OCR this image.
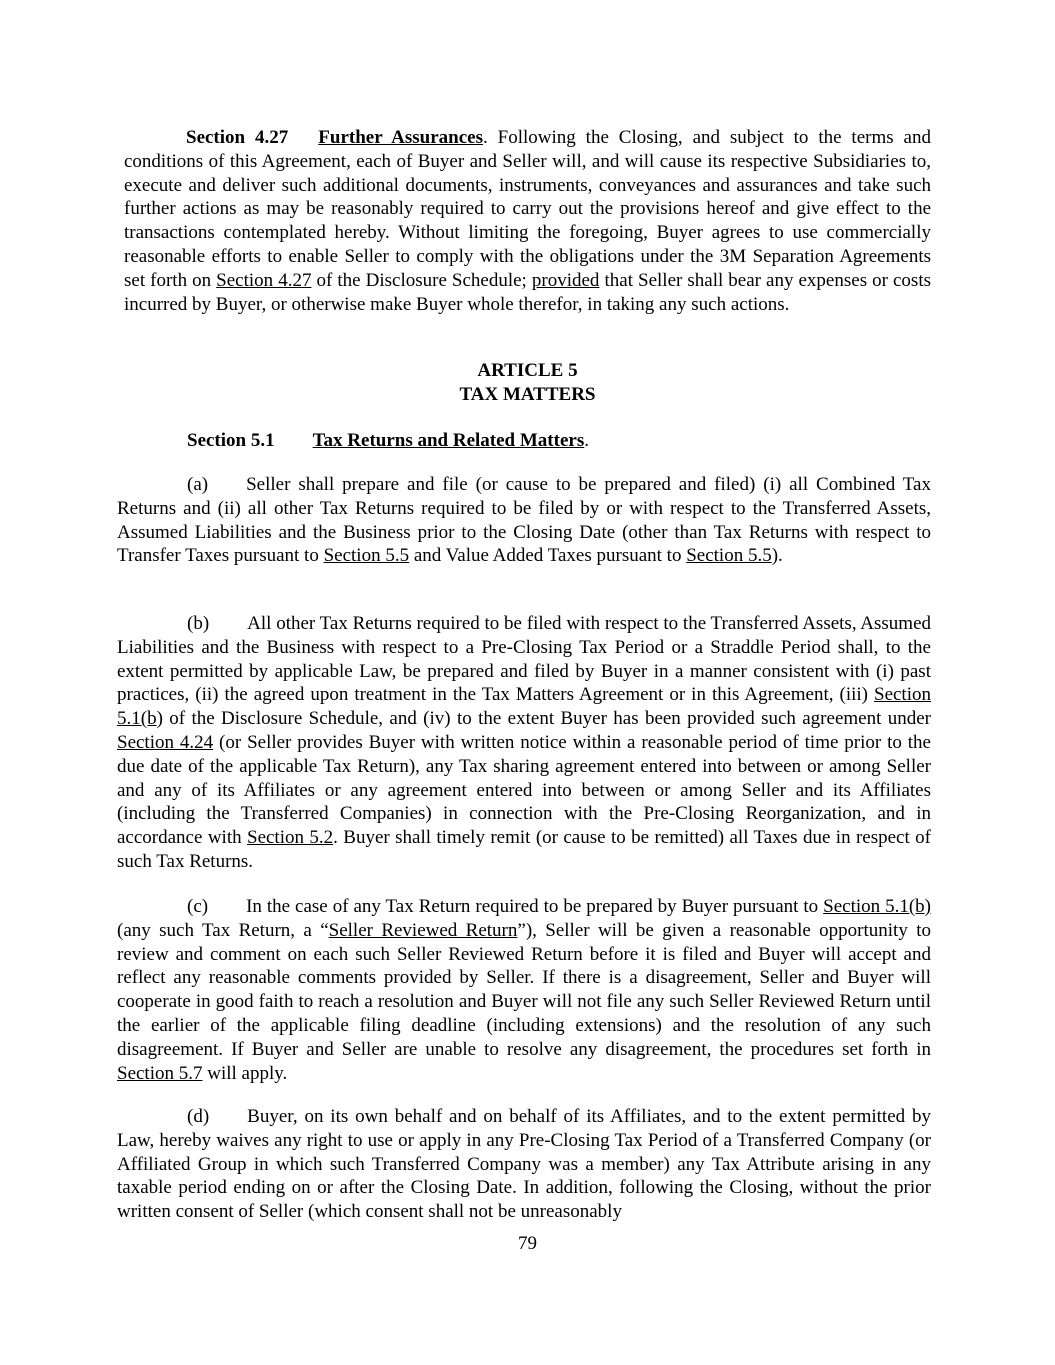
Section 4.27 Further Assurances. Following the Closing, and subject to the terms and conditions of this Agreement, each of Buyer and Seller will, and will cause its respective Subsidiaries to, execute and deliver such additional documents, instruments, conveyances and assurances and take such further actions as may be reasonably required to carry out the provisions hereof and give effect to the transactions contemplated hereby. Without limiting the foregoing, Buyer agrees to use commercially reasonable efforts to enable Seller to comply with the obligations under the 3M Separation Agreements set forth on Section 4.27 of the Disclosure Schedule; provided that Seller shall bear any expenses or costs incurred by Buyer, or otherwise make Buyer whole therefor, in taking any such actions.

ARTICLE 5

TAX MATTERS

Section 5.1 Tax Returns and Related Matters.

(a) Seller shall prepare and file (or cause to be prepared and filed) (i) all Combined Tax Returns and (ii) all other Tax Returns required to be filed by or with respect to the Transferred Assets, Assumed Liabilities and the Business prior to the Closing Date (other than Tax Returns with respect to Transfer Taxes pursuant to Section 5.5 and Value Added Taxes pursuant to Section 5.5).

(b) All other Tax Returns required to be filed with respect to the Transferred Assets, Assumed Liabilities and the Business with respect to a Pre-Closing Tax Period or a Straddle Period shall, to the extent permitted by applicable Law, be prepared and filed by Buyer in a manner consistent with (i) past practices, (ii) the agreed upon treatment in the Tax Matters Agreement or in this Agreement, (iii) Section 5.1(b) of the Disclosure Schedule, and (iv) to the extent Buyer has been provided such agreement under Section 4.24 (or Seller provides Buyer with written notice within a reasonable period of time prior to the due date of the applicable Tax Return), any Tax sharing agreement entered into between or among Seller and any of its Affiliates or any agreement entered into between or among Seller and its Affiliates (including the Transferred Companies) in connection with the Pre-Closing Reorganization, and in accordance with Section 5.2. Buyer shall timely remit (or cause to be remitted) all Taxes due in respect of such Tax Returns.

(c) In the case of any Tax Return required to be prepared by Buyer pursuant to Section 5.1(b) (any such Tax Return, a “Seller Reviewed Return”), Seller will be given a reasonable opportunity to review and comment on each such Seller Reviewed Return before it is filed and Buyer will accept and reflect any reasonable comments provided by Seller. If there is a disagreement, Seller and Buyer will cooperate in good faith to reach a resolution and Buyer will not file any such Seller Reviewed Return until the earlier of the applicable filing deadline (including extensions) and the resolution of any such disagreement. If Buyer and Seller are unable to resolve any disagreement, the procedures set forth in Section 5.7 will apply.

(d) Buyer, on its own behalf and on behalf of its Affiliates, and to the extent permitted by Law, hereby waives any right to use or apply in any Pre-Closing Tax Period of a Transferred Company (or Affiliated Group in which such Transferred Company was a member) any Tax Attribute arising in any taxable period ending on or after the Closing Date. In addition, following the Closing, without the prior written consent of Seller (which consent shall not be unreasonably

79
